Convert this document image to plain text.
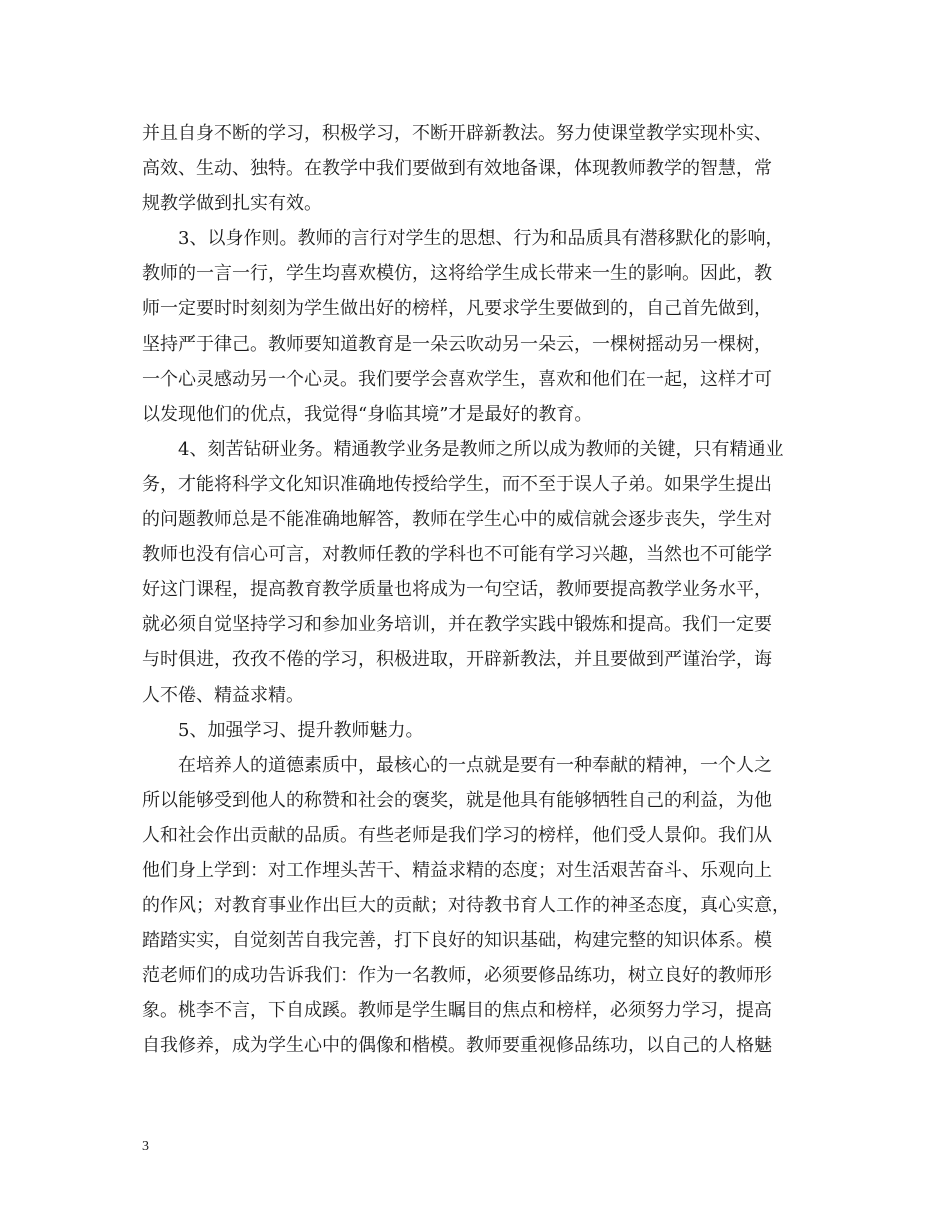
并且自身不断的学习，积极学习，不断开辟新教法。努力使课堂教学实现朴实、
高效、生动、独特。在教学中我们要做到有效地备课，体现教师教学的智慧，常
规教学做到扎实有效。
3、以身作则。教师的言行对学生的思想、行为和品质具有潜移默化的影响，
教师的一言一行，学生均喜欢模仿，这将给学生成长带来一生的影响。因此，教
师一定要时时刻刻为学生做出好的榜样，凡要求学生要做到的，自己首先做到，
坚持严于律己。教师要知道教育是一朵云吹动另一朵云，一棵树摇动另一棵树，
一个心灵感动另一个心灵。我们要学会喜欢学生，喜欢和他们在一起，这样才可
以发现他们的优点，我觉得“身临其境”才是最好的教育。
4、刻苦钻研业务。精通教学业务是教师之所以成为教师的关键，只有精通业
务，才能将科学文化知识准确地传授给学生，而不至于误人子弟。如果学生提出
的问题教师总是不能准确地解答，教师在学生心中的威信就会逐步丧失，学生对
教师也没有信心可言，对教师任教的学科也不可能有学习兴趣，当然也不可能学
好这门课程，提高教育教学质量也将成为一句空话，教师要提高教学业务水平，
就必须自觉坚持学习和参加业务培训，并在教学实践中锻炼和提高。我们一定要
与时俱进，孜孜不倦的学习，积极进取，开辟新教法，并且要做到严谨治学，诲
人不倦、精益求精。
5、加强学习、提升教师魅力。
在培养人的道德素质中，最核心的一点就是要有一种奉献的精神，一个人之
所以能够受到他人的称赞和社会的褒奖，就是他具有能够牺牲自己的利益，为他
人和社会作出贡献的品质。有些老师是我们学习的榜样，他们受人景仰。我们从
他们身上学到：对工作埋头苦干、精益求精的态度；对生活艰苦奋斗、乐观向上
的作风；对教育事业作出巨大的贡献；对待教书育人工作的神圣态度，真心实意，
踏踏实实，自觉刻苦自我完善，打下良好的知识基础，构建完整的知识体系。模
范老师们的成功告诉我们：作为一名教师，必须要修品练功，树立良好的教师形
象。桃李不言，下自成蹊。教师是学生瞩目的焦点和榜样，必须努力学习，提高
自我修养，成为学生心中的偶像和楷模。教师要重视修品练功，以自己的人格魅
3
